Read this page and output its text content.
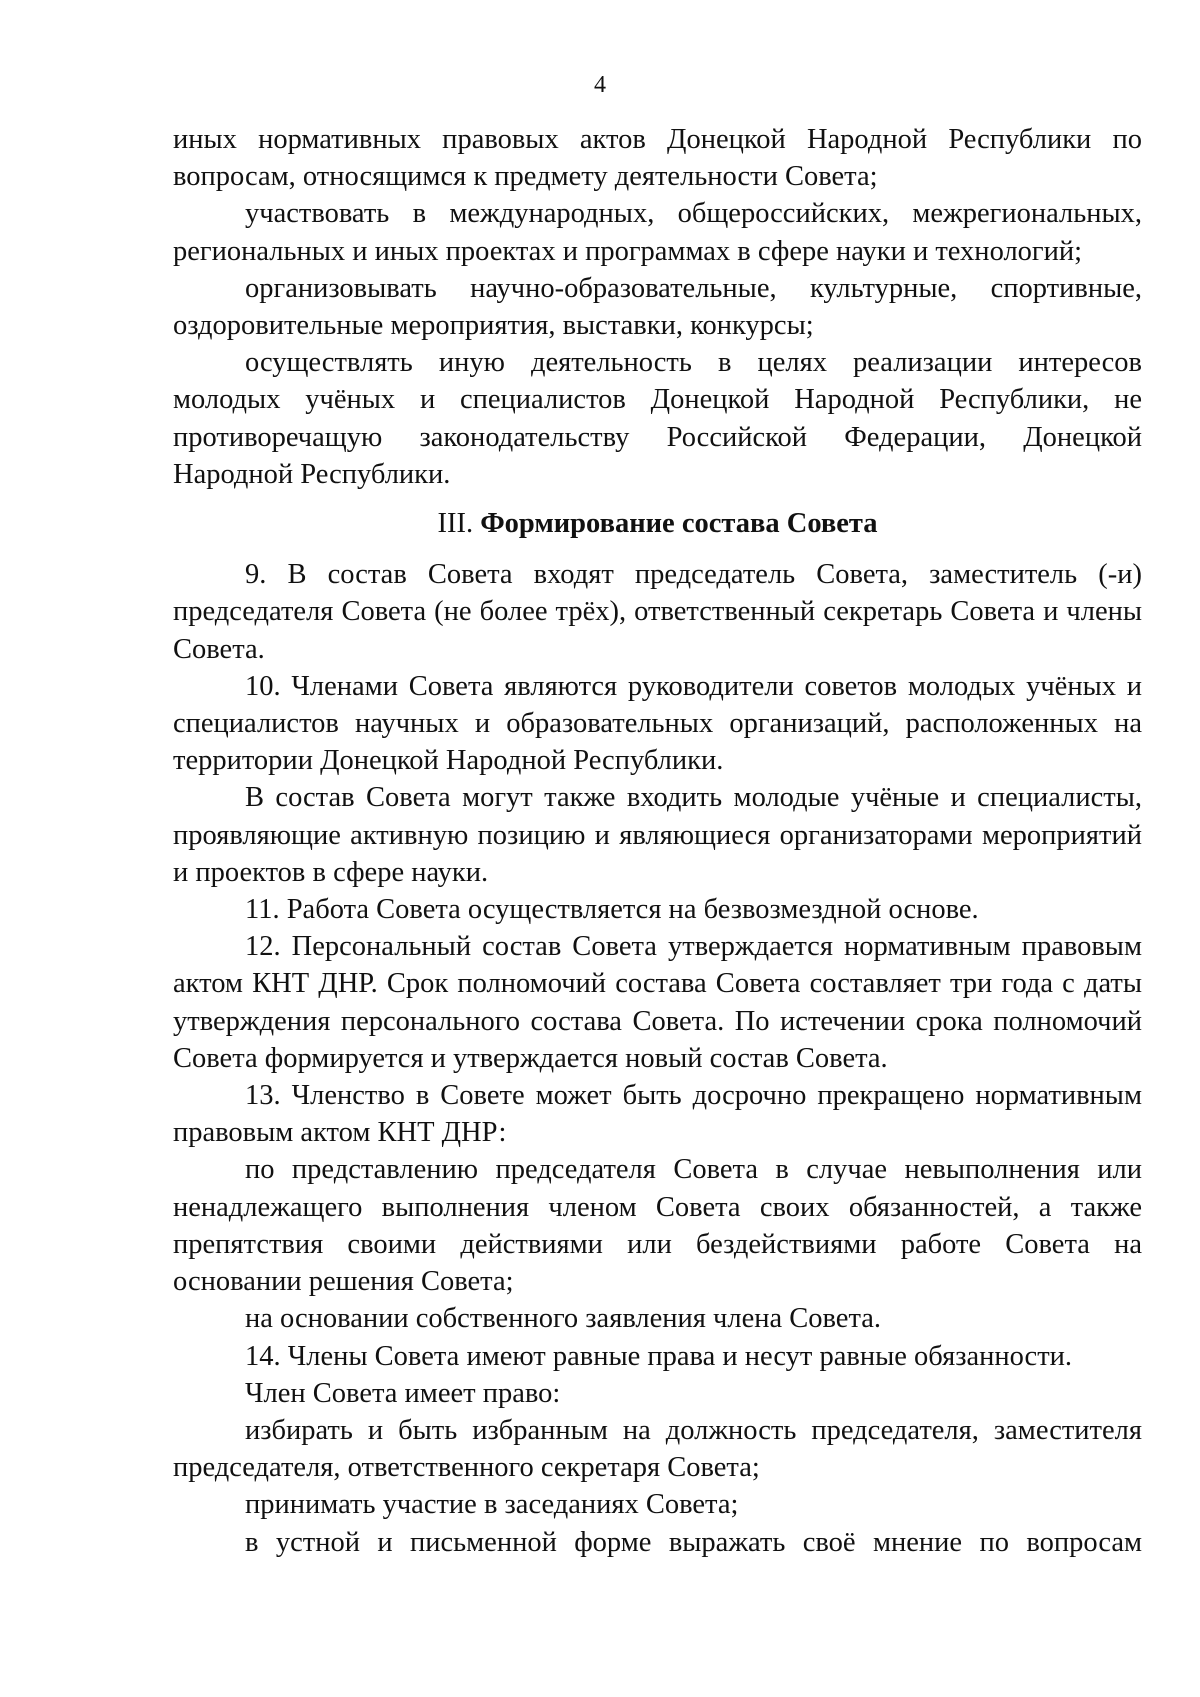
4

иных нормативных правовых актов Донецкой Народной Республики по вопросам, относящимся к предмету деятельности Совета;

участвовать в международных, общероссийских, межрегиональных, региональных и иных проектах и программах в сфере науки и технологий;

организовывать научно-образовательные, культурные, спортивные, оздоровительные мероприятия, выставки, конкурсы;

осуществлять иную деятельность в целях реализации интересов молодых учёных и специалистов Донецкой Народной Республики, не противоречащую законодательству Российской Федерации, Донецкой Народной Республики.

III. Формирование состава Совета

9. В состав Совета входят председатель Совета, заместитель (-и) председателя Совета (не более трёх), ответственный секретарь Совета и члены Совета.

10. Членами Совета являются руководители советов молодых учёных и специалистов научных и образовательных организаций, расположенных на территории Донецкой Народной Республики.

В состав Совета могут также входить молодые учёные и специалисты, проявляющие активную позицию и являющиеся организаторами мероприятий и проектов в сфере науки.

11. Работа Совета осуществляется на безвозмездной основе.

12. Персональный состав Совета утверждается нормативным правовым актом КНТ ДНР. Срок полномочий состава Совета составляет три года с даты утверждения персонального состава Совета. По истечении срока полномочий Совета формируется и утверждается новый состав Совета.

13. Членство в Совете может быть досрочно прекращено нормативным правовым актом КНТ ДНР:

по представлению председателя Совета в случае невыполнения или ненадлежащего выполнения членом Совета своих обязанностей, а также препятствия своими действиями или бездействиями работе Совета на основании решения Совета;

на основании собственного заявления члена Совета.

14. Члены Совета имеют равные права и несут равные обязанности.

Член Совета имеет право:

избирать и быть избранным на должность председателя, заместителя председателя, ответственного секретаря Совета;

принимать участие в заседаниях Совета;

в устной и письменной форме выражать своё мнение по вопросам
